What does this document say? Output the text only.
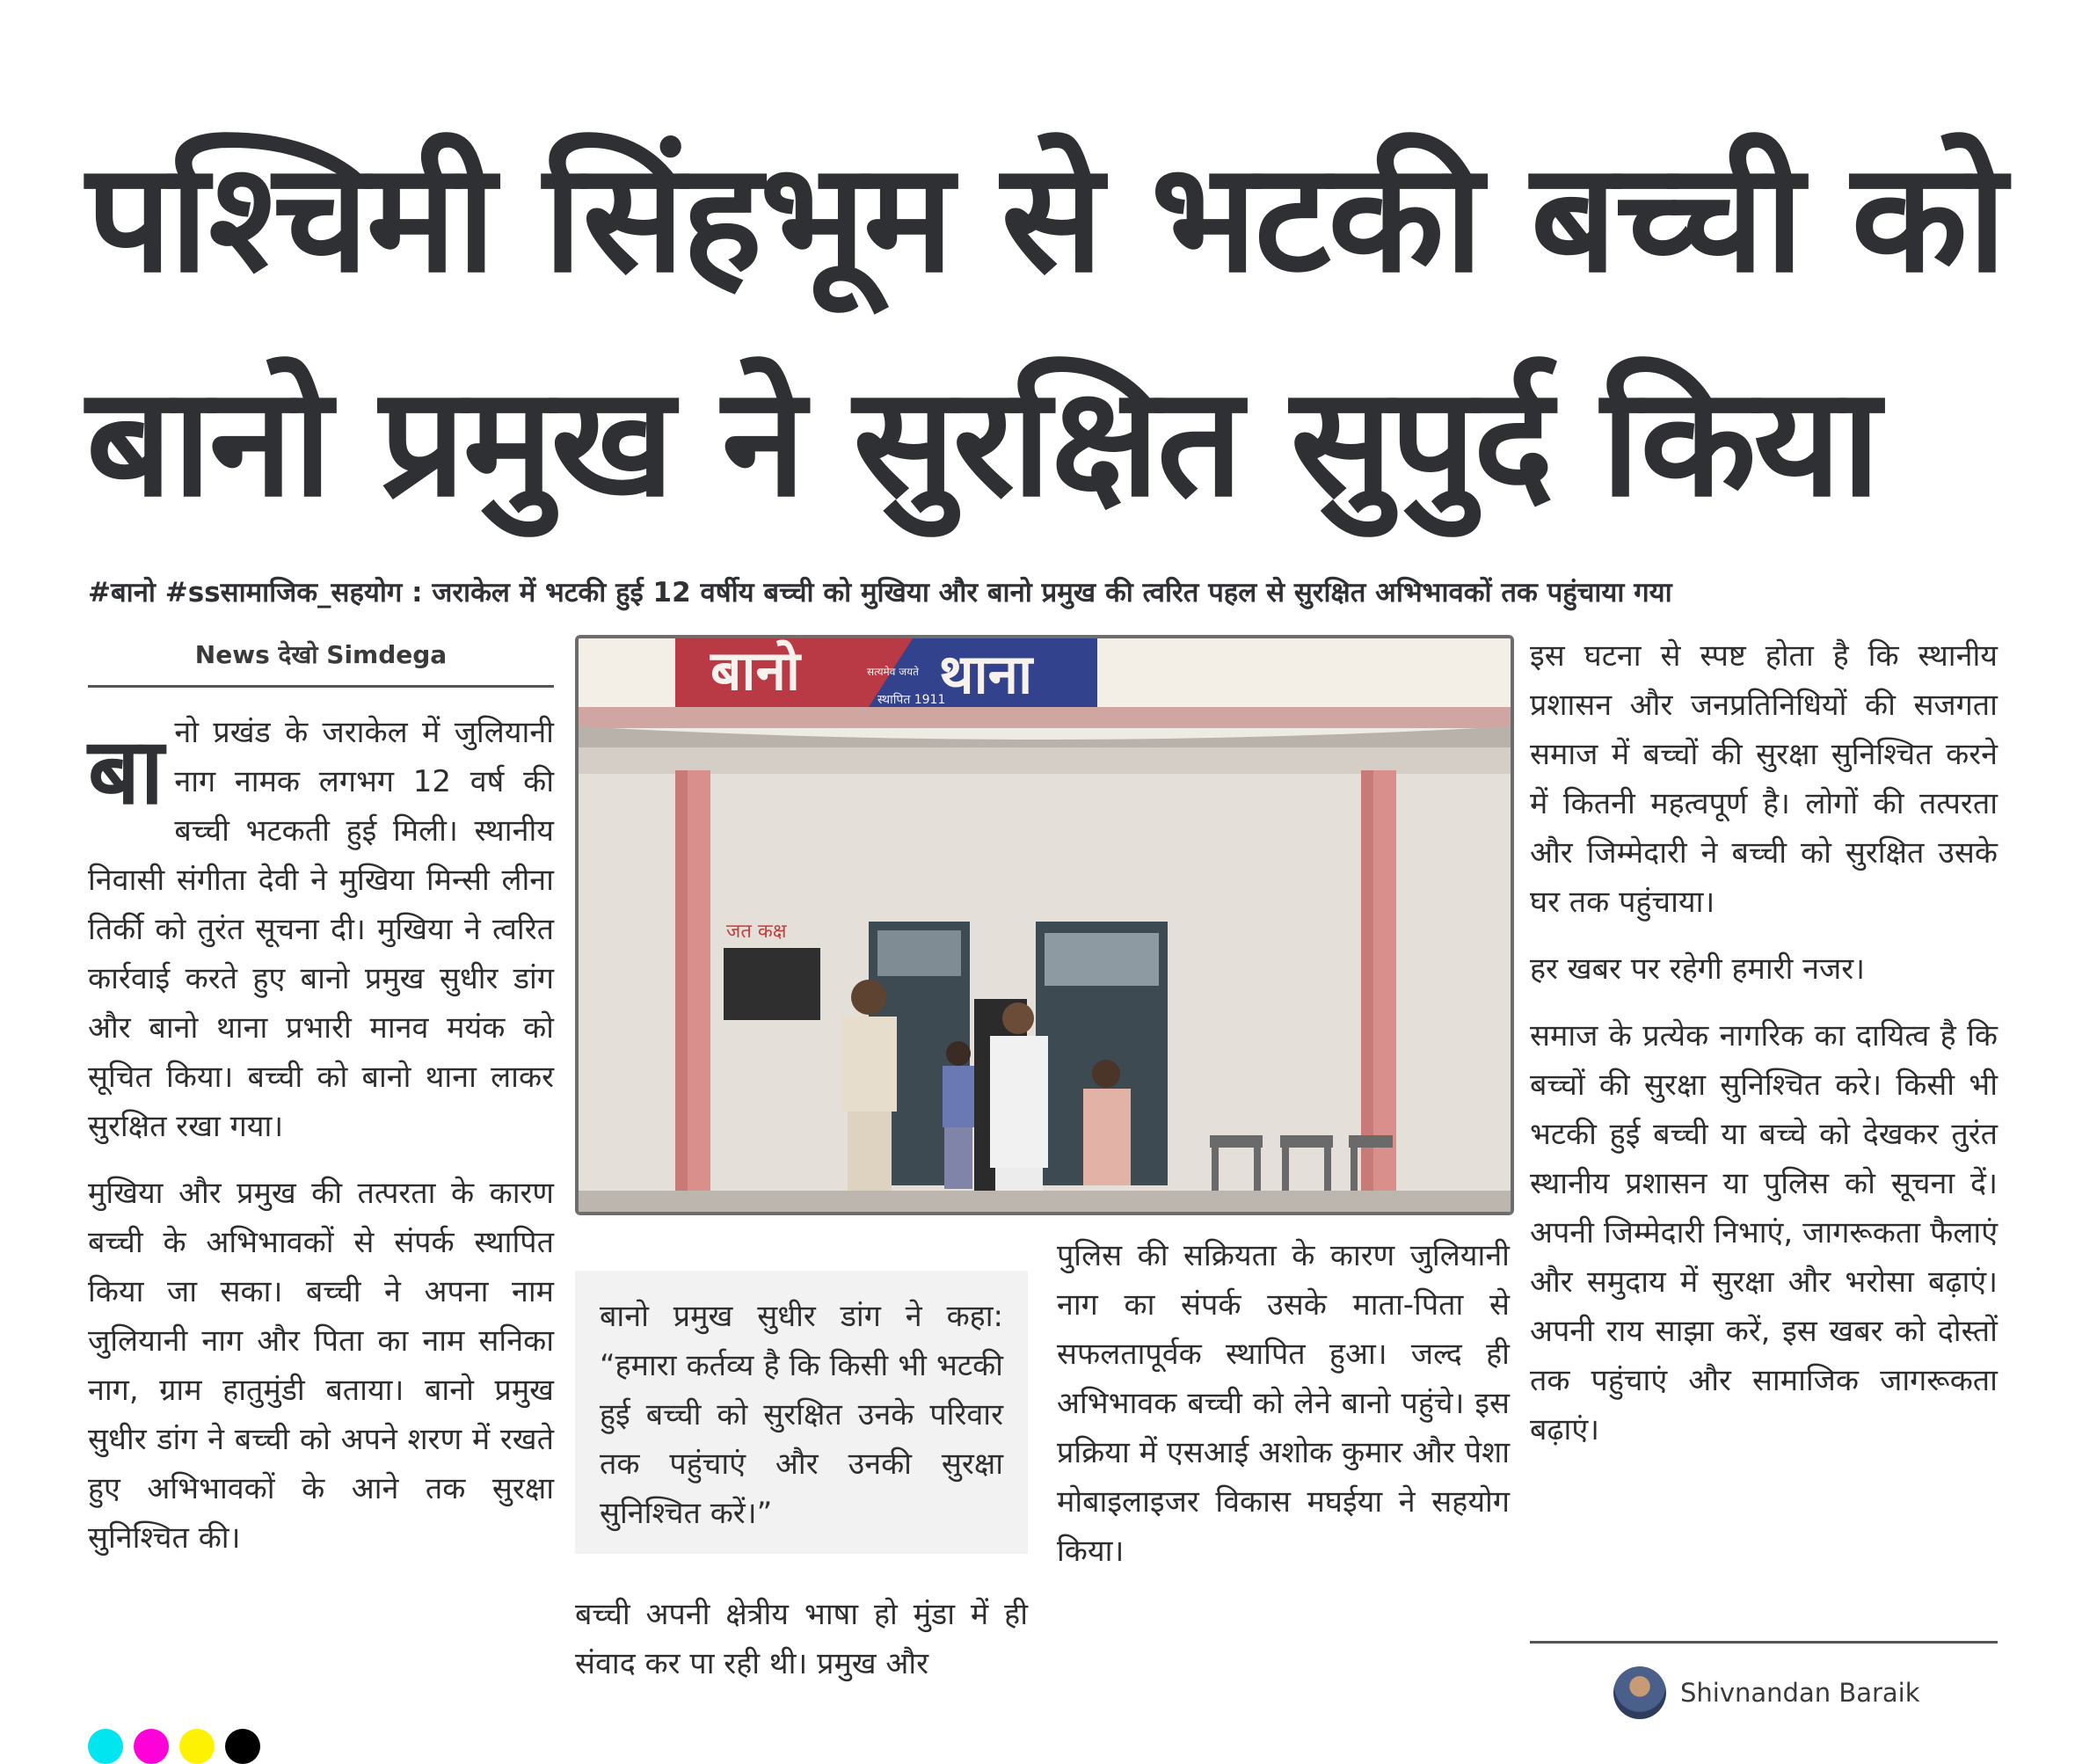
पश्चिमी सिंहभूम से भटकी बच्ची को
बानो प्रमुख ने सुरक्षित सुपुर्द किया

#बानो #ssसामाजिक_सहयोग : जराकेल में भटकी हुई 12 वर्षीय बच्ची को मुखिया और बानो प्रमुख की त्वरित पहल से सुरक्षित अभिभावकों तक पहुंचाया गया

News देखो Simdega

बा नो प्रखंड के जराकेल में जुलियानी नाग नामक लगभग 12 वर्ष की बच्ची भटकती हुई मिली। स्थानीय निवासी संगीता देवी ने मुखिया मिन्सी लीना तिर्की को तुरंत सूचना दी। मुखिया ने त्वरित कार्रवाई करते हुए बानो प्रमुख सुधीर डांग और बानो थाना प्रभारी मानव मयंक को सूचित किया। बच्ची को बानो थाना लाकर सुरक्षित रखा गया।

मुखिया और प्रमुख की तत्परता के कारण बच्ची के अभिभावकों से संपर्क स्थापित किया जा सका। बच्ची ने अपना नाम जुलियानी नाग और पिता का नाम सनिका नाग, ग्राम हातुमुंडी बताया। बानो प्रमुख सुधीर डांग ने बच्ची को अपने शरण में रखते हुए अभिभावकों के आने तक सुरक्षा सुनिश्चित की।

बानो	थाना
सत्यमेव जयते
स्थापित 1911
जत कक्ष

बानो प्रमुख सुधीर डांग ने कहा: “हमारा कर्तव्य है कि किसी भी भटकी हुई बच्ची को सुरक्षित उनके परिवार तक पहुंचाएं और उनकी सुरक्षा सुनिश्चित करें।”

बच्ची अपनी क्षेत्रीय भाषा हो मुंडा में ही संवाद कर पा रही थी। प्रमुख और

पुलिस की सक्रियता के कारण जुलियानी नाग का संपर्क उसके माता-पिता से सफलतापूर्वक स्थापित हुआ। जल्द ही अभिभावक बच्ची को लेने बानो पहुंचे। इस प्रक्रिया में एसआई अशोक कुमार और पेशा मोबाइलाइजर विकास मघईया ने सहयोग किया।

इस घटना से स्पष्ट होता है कि स्थानीय प्रशासन और जनप्रतिनिधियों की सजगता समाज में बच्चों की सुरक्षा सुनिश्चित करने में कितनी महत्वपूर्ण है। लोगों की तत्परता और जिम्मेदारी ने बच्ची को सुरक्षित उसके घर तक पहुंचाया।

हर खबर पर रहेगी हमारी नजर।

समाज के प्रत्येक नागरिक का दायित्व है कि बच्चों की सुरक्षा सुनिश्चित करे। किसी भी भटकी हुई बच्ची या बच्चे को देखकर तुरंत स्थानीय प्रशासन या पुलिस को सूचना दें। अपनी जिम्मेदारी निभाएं, जागरूकता फैलाएं और समुदाय में सुरक्षा और भरोसा बढ़ाएं। अपनी राय साझा करें, इस खबर को दोस्तों तक पहुंचाएं और सामाजिक जागरूकता बढ़ाएं।

Shivnandan Baraik
